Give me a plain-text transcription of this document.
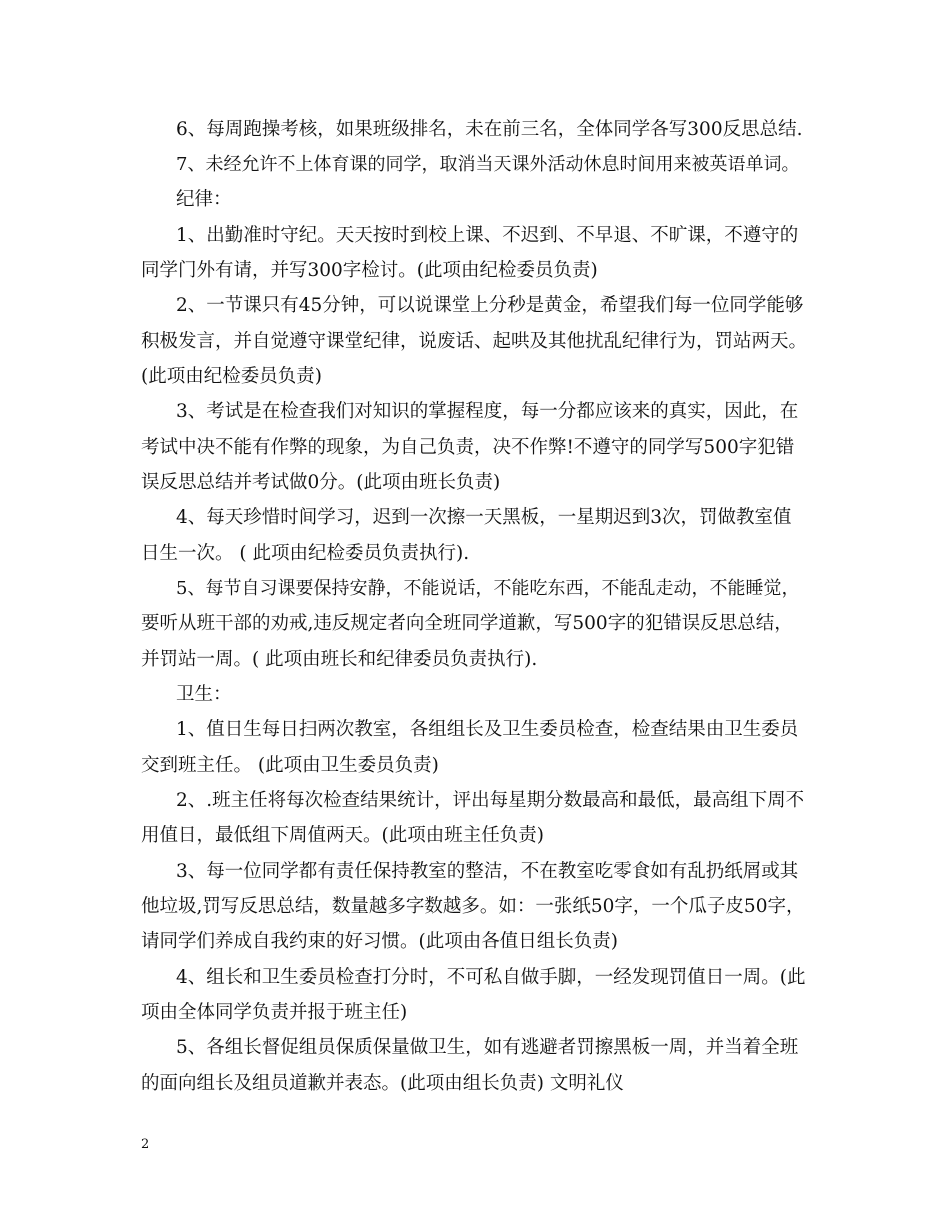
6、每周跑操考核，如果班级排名，未在前三名，全体同学各写300反思总结.
7、未经允许不上体育课的同学，取消当天课外活动休息时间用来被英语单词。
纪律：
1、出勤准时守纪。天天按时到校上课、不迟到、不早退、不旷课，不遵守的
同学门外有请，并写300字检讨。(此项由纪检委员负责)
2、一节课只有45分钟，可以说课堂上分秒是黄金，希望我们每一位同学能够
积极发言，并自觉遵守课堂纪律，说废话、起哄及其他扰乱纪律行为，罚站两天。
(此项由纪检委员负责)
3、考试是在检查我们对知识的掌握程度，每一分都应该来的真实，因此，在
考试中决不能有作弊的现象，为自己负责，决不作弊!不遵守的同学写500字犯错
误反思总结并考试做0分。(此项由班长负责)
4、每天珍惜时间学习，迟到一次擦一天黑板，一星期迟到3次，罚做教室值
日生一次。 ( 此项由纪检委员负责执行).
5、每节自习课要保持安静，不能说话，不能吃东西，不能乱走动，不能睡觉，
要听从班干部的劝戒,违反规定者向全班同学道歉，写500字的犯错误反思总结，
并罚站一周。( 此项由班长和纪律委员负责执行).
卫生：
1、值日生每日扫两次教室，各组组长及卫生委员检查，检查结果由卫生委员
交到班主任。 (此项由卫生委员负责)
2、.班主任将每次检查结果统计，评出每星期分数最高和最低，最高组下周不
用值日，最低组下周值两天。(此项由班主任负责)
3、每一位同学都有责任保持教室的整洁，不在教室吃零食如有乱扔纸屑或其
他垃圾,罚写反思总结，数量越多字数越多。如：一张纸50字，一个瓜子皮50字，
请同学们养成自我约束的好习惯。(此项由各值日组长负责)
4、组长和卫生委员检查打分时，不可私自做手脚，一经发现罚值日一周。(此
项由全体同学负责并报于班主任)
5、各组长督促组员保质保量做卫生，如有逃避者罚擦黑板一周，并当着全班
的面向组长及组员道歉并表态。(此项由组长负责) 文明礼仪
2
